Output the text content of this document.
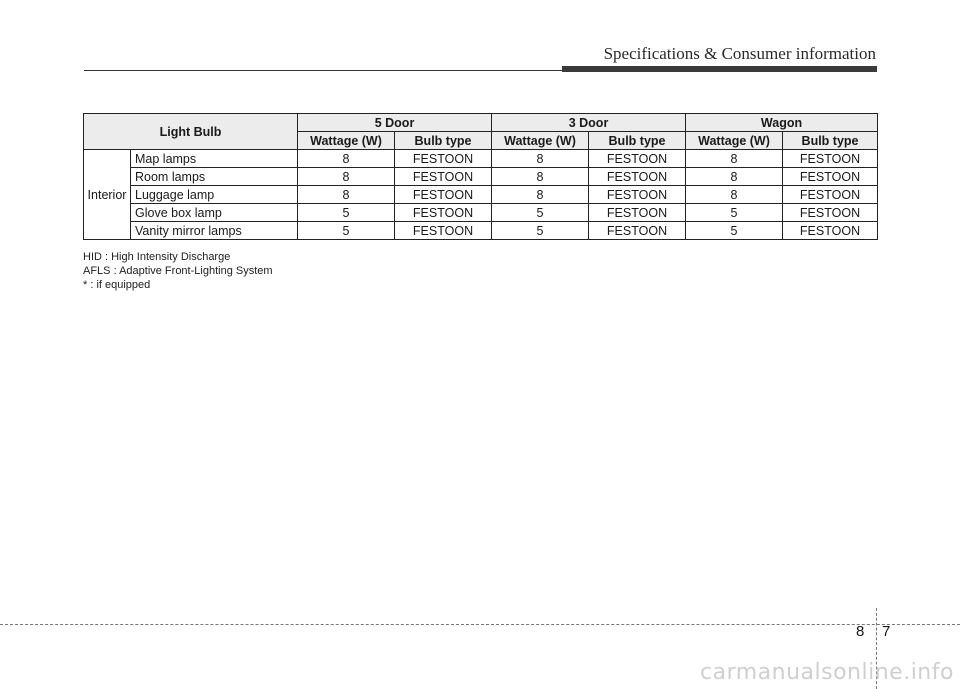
Specifications & Consumer information
Light Bulb		5 Door		3 Door		Wagon	
		Wattage (W)	Bulb type	Wattage (W)	Bulb type	Wattage (W)	Bulb type
Interior	Map lamps	8	FESTOON	8	FESTOON	8	FESTOON
	Room lamps	8	FESTOON	8	FESTOON	8	FESTOON
	Luggage lamp	8	FESTOON	8	FESTOON	8	FESTOON
	Glove box lamp	5	FESTOON	5	FESTOON	5	FESTOON
	Vanity mirror lamps	5	FESTOON	5	FESTOON	5	FESTOON
HID : High Intensity Discharge
AFLS : Adaptive Front-Lighting System
* : if equipped
8 7
carmanualsonline.info
